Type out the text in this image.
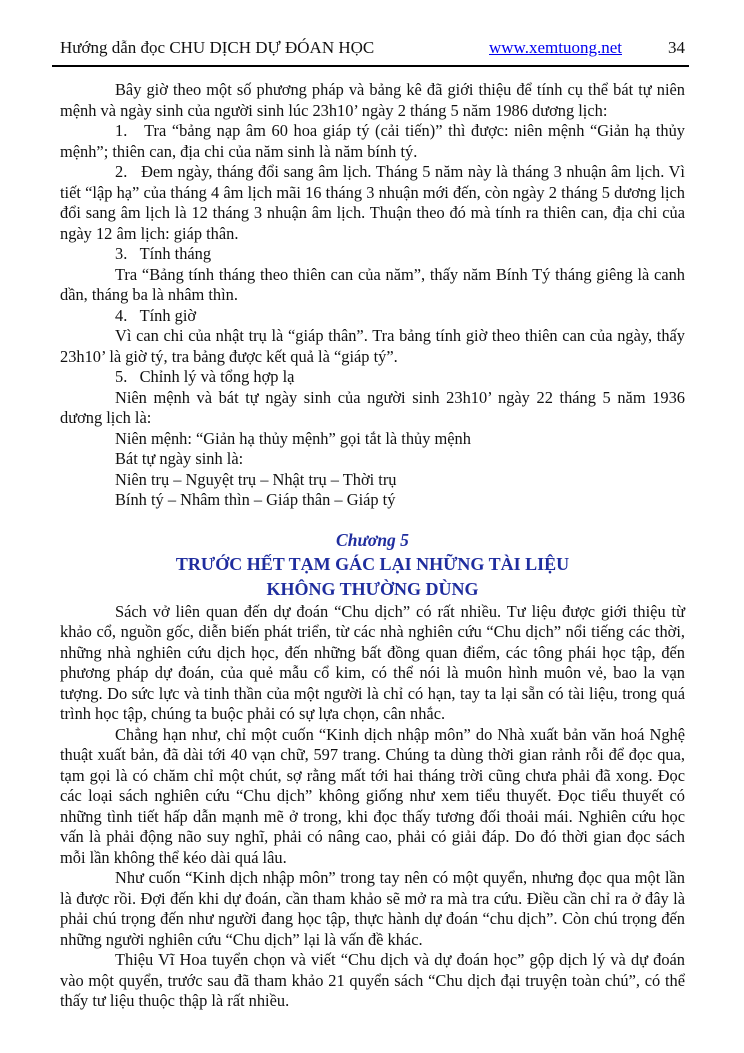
Hướng dẫn đọc CHU DỊCH DỰ ĐÓAN HỌC	www.xemtuong.net	34

Bây giờ theo một số phương pháp và bảng kê đã giới thiệu để tính cụ thể bát tự niên mệnh và ngày sinh của người sinh lúc 23h10’ ngày 2 tháng 5 năm 1986 dương lịch:

1.   Tra “bảng nạp âm 60 hoa giáp tý (cải tiến)” thì được: niên mệnh “Giản hạ thủy mệnh”; thiên can, địa chi của năm sinh là năm bính tý.

2.   Đem ngày, tháng đổi sang âm lịch. Tháng 5 năm này là tháng 3 nhuận âm lịch. Vì tiết “lập hạ” của tháng 4 âm lịch mãi 16 tháng 3 nhuận mới đến, còn ngày 2 tháng 5 dương lịch đổi sang âm lịch là 12 tháng 3 nhuận âm lịch. Thuận theo đó mà tính ra thiên can, địa chi của ngày 12 âm lịch: giáp thân.

3.   Tính tháng

Tra “Bảng tính tháng theo thiên can của năm”, thấy năm Bính Tý tháng giêng là canh dần, tháng ba là nhâm thìn.

4.   Tính giờ

Vì can chi của nhật trụ là “giáp thân”. Tra bảng tính giờ theo thiên can của ngày, thấy 23h10’ là giờ tý, tra bảng được kết quả là “giáp tý”.

5.   Chỉnh lý và tổng hợp lạ

Niên mệnh và bát tự ngày sinh của người sinh 23h10’ ngày 22 tháng 5 năm 1936 dương lịch là:

Niên mệnh: “Giản hạ thủy mệnh” gọi tắt là thủy mệnh

Bát tự ngày sinh là:

Niên trụ – Nguyệt trụ – Nhật trụ – Thời trụ

Bính tý – Nhâm thìn – Giáp thân – Giáp tý

Chương 5
TRƯỚC HẾT TẠM GÁC LẠI NHỮNG TÀI LIỆU
KHÔNG THƯỜNG DÙNG

Sách vở liên quan đến dự đoán “Chu dịch” có rất nhiều. Tư liệu được giới thiệu từ khảo cổ, nguồn gốc, diễn biến phát triển, từ các nhà nghiên cứu “Chu dịch” nổi tiếng các thời, những nhà nghiên cứu dịch học, đến những bất đồng quan điểm, các tông phái học tập, đến phương pháp dự đoán, của quẻ mẫu cổ kim, có thể nói là muôn hình muôn vẻ, bao la vạn tượng. Do sức lực và tinh thần của một người là chỉ có hạn, tay ta lại sẵn có tài liệu, trong quá trình học tập, chúng ta buộc phải có sự lựa chọn, cân nhắc.

Chẳng hạn như, chỉ một cuốn “Kinh dịch nhập môn” do Nhà xuất bản văn hoá Nghệ thuật xuất bản, đã dài tới 40 vạn chữ, 597 trang. Chúng ta dùng thời gian rảnh rỗi để đọc qua, tạm gọi là có chăm chỉ một chút, sợ rằng mất tới hai tháng trời cũng chưa phải đã xong. Đọc các loại sách nghiên cứu “Chu dịch” không giống như xem tiểu thuyết. Đọc tiểu thuyết có những tình tiết hấp dẫn mạnh mẽ ở trong, khi đọc thấy tương đối thoải mái. Nghiên cứu học vấn là phải động não suy nghĩ, phải có nâng cao, phải có giải đáp. Do đó thời gian đọc sách mỗi lần không thể kéo dài quá lâu.

Như cuốn “Kinh dịch nhập môn” trong tay nên có một quyển, nhưng đọc qua một lần là được rồi. Đợi đến khi dự đoán, cần tham khảo sẽ mở ra mà tra cứu. Điều cần chỉ ra ở đây là phải chú trọng đến như người đang học tập, thực hành dự đoán “chu dịch”. Còn chú trọng đến những người nghiên cứu “Chu dịch” lại là vấn đề khác.

Thiệu Vĩ Hoa tuyển chọn và viết “Chu dịch và dự đoán học” gộp dịch lý và dự đoán vào một quyển, trước sau đã tham khảo 21 quyển sách “Chu dịch đại truyện toàn chú”, có thể thấy tư liệu thuộc thập là rất nhiều.
